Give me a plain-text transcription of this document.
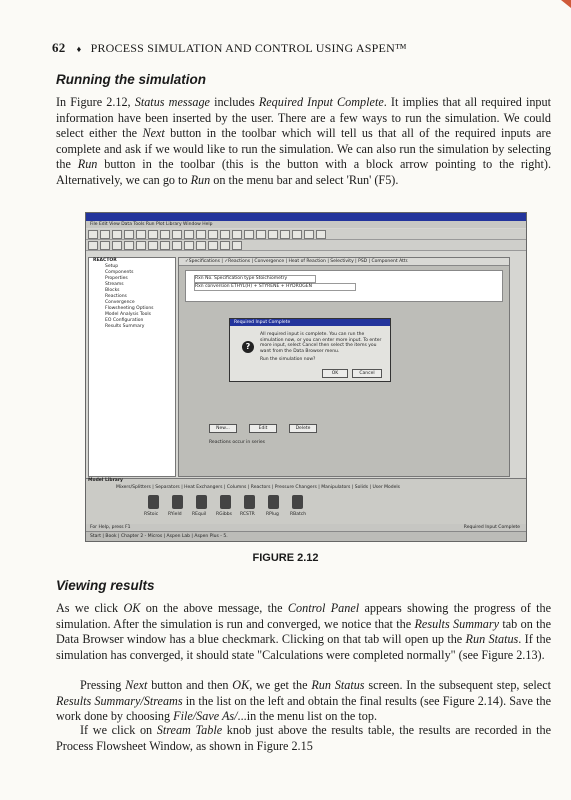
62 ♦ PROCESS SIMULATION AND CONTROL USING ASPEN™
Running the simulation
In Figure 2.12, Status message includes Required Input Complete. It implies that all required input information have been inserted by the user. There are a few ways to run the simulation. We could select either the Next button in the toolbar which will tell us that all of the required inputs are complete and ask if we would like to run the simulation. We can also run the simulation by selecting the Run button in the toolbar (this is the button with a block arrow pointing to the right). Alternatively, we can go to Run on the menu bar and select 'Run' (F5).
File Edit View Data Tools Run Plot Library Window Help
REACTOR
Setup
Components
Properties
Streams
Blocks
Reactions
Convergence
Flowsheeting Options
Model Analysis Tools
EO Configuration
Results Summary
✓Specifications | ✓Reactions | Convergence | Heat of Reaction | Selectivity | PSD | Component Attr.
Rxn No. Specification type Stoichiometry
Rxn conversion ETHYL(H) + STYRENE + HYDROGEN
Required Input Complete
?
All required input is complete. You can run the simulation now, or you can enter more input. To enter more input, select Cancel then select the items you want from the Data Browser menu.
Run the simulation now?
OK	Cancel
New...	Edit	Delete
Reactions occur in series
Model Library
Mixers/Splitters | Separators | Heat Exchangers | Columns | Reactors | Pressure Changers | Manipulators | Solids | User Models
RStoic RYield REquil RGibbs RCSTR RPlug RBatch
For Help, press F1	Required Input Complete
Start | Book | Chapter 2 - Micros | Aspen Lab | Aspen Plus - 5.
FIGURE 2.12
Viewing results
As we click OK on the above message, the Control Panel appears showing the progress of the simulation. After the simulation is run and converged, we notice that the Results Summary tab on the Data Browser window has a blue checkmark. Clicking on that tab will open up the Run Status. If the simulation has converged, it should state "Calculations were completed normally" (see Figure 2.13).
Pressing Next button and then OK, we get the Run Status screen. In the subsequent step, select Results Summary/Streams in the list on the left and obtain the final results (see Figure 2.14). Save the work done by choosing File/Save As/...in the menu list on the top.
If we click on Stream Table knob just above the results table, the results are recorded in the Process Flowsheet Window, as shown in Figure 2.15
